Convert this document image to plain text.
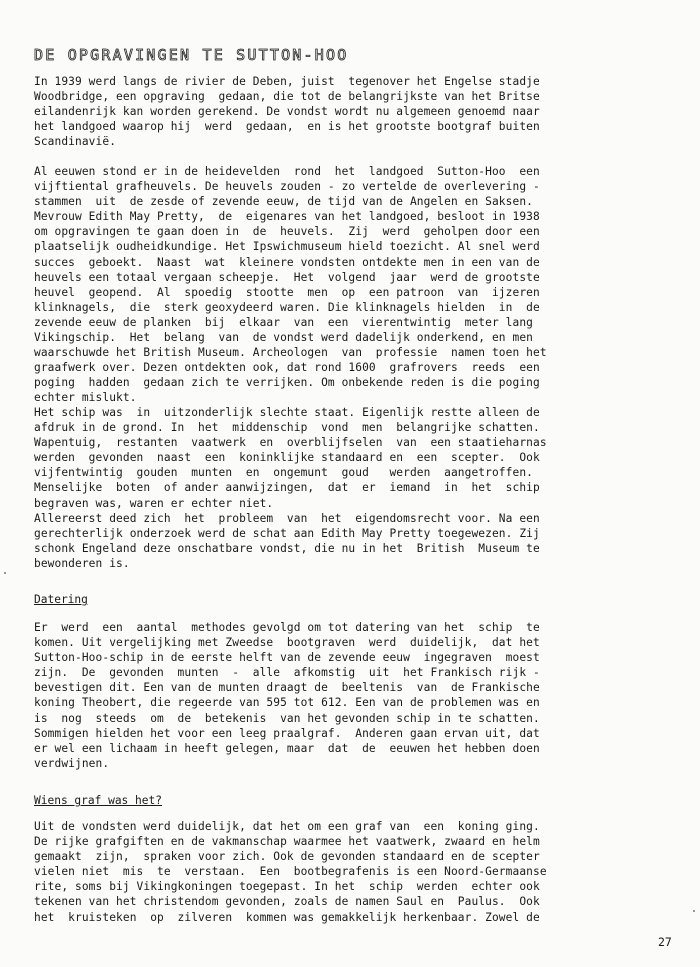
DE OPGRAVINGEN TE SUTTON-HOO
In 1939 werd langs de rivier de Deben, juist  tegenover het Engelse stadje
Woodbridge, een opgraving  gedaan, die tot de belangrijkste van het Britse
eilandenrijk kan worden gerekend. De vondst wordt nu algemeen genoemd naar
het landgoed waarop hij  werd  gedaan,  en is het grootste bootgraf buiten
Scandinavië.
Al eeuwen stond er in de heidevelden  rond  het  landgoed  Sutton-Hoo  een
vijftiental grafheuvels. De heuvels zouden - zo vertelde de overlevering -
stammen  uit  de zesde of zevende eeuw, de tijd van de Angelen en Saksen.
Mevrouw Edith May Pretty,  de  eigenares van het landgoed, besloot in 1938
om opgravingen te gaan doen in  de  heuvels.  Zij  werd  geholpen door een
plaatselijk oudheidkundige. Het Ipswichmuseum hield toezicht. Al snel werd
succes  geboekt.  Naast  wat  kleinere vondsten ontdekte men in een van de
heuvels een totaal vergaan scheepje.  Het  volgend  jaar  werd de grootste
heuvel  geopend.  Al  spoedig  stootte  men  op  een patroon  van  ijzeren
klinknagels,  die  sterk geoxydeerd waren. Die klinknagels hielden  in  de
zevende eeuw de planken  bij  elkaar  van  een  vierentwintig  meter lang
Vikingschip.  Het  belang  van  de vondst werd dadelijk onderkend, en men
waarschuwde het British Museum. Archeologen  van  professie  namen toen het
graafwerk over. Dezen ontdekten ook, dat rond 1600  grafrovers  reeds  een
poging  hadden  gedaan zich te verrijken. Om onbekende reden is die poging
echter mislukt.
Het schip was  in  uitzonderlijk slechte staat. Eigenlijk restte alleen de
afdruk in de grond. In  het  middenschip  vond  men  belangrijke schatten.
Wapentuig,  restanten  vaatwerk  en  overblijfselen  van  een staatieharnas
werden  gevonden  naast  een  koninklijke standaard en  een  scepter.  Ook
vijfentwintig  gouden  munten  en  ongemunt  goud   werden  aangetroffen.
Menselijke  boten  of ander aanwijzingen,  dat  er  iemand  in  het  schip
begraven was, waren er echter niet.
Allereerst deed zich  het  probleem  van  het  eigendomsrecht voor. Na een
gerechterlijk onderzoek werd de schat aan Edith May Pretty toegewezen. Zij
schonk Engeland deze onschatbare vondst, die nu in het  British  Museum te
bewonderen is.
Datering
Er  werd  een  aantal  methodes gevolgd om tot datering van het  schip  te
komen. Uit vergelijking met Zweedse  bootgraven  werd  duidelijk,  dat het
Sutton-Hoo-schip in de eerste helft van de zevende eeuw  ingegraven  moest
zijn.  De  gevonden  munten  -  alle  afkomstig  uit  het Frankisch rijk -
bevestigen dit. Een van de munten draagt de  beeltenis  van  de Frankische
koning Theobert, die regeerde van 595 tot 612. Een van de problemen was en
is  nog  steeds  om  de  betekenis  van het gevonden schip in te schatten.
Sommigen hielden het voor een leeg praalgraf.  Anderen gaan ervan uit, dat
er wel een lichaam in heeft gelegen, maar  dat  de  eeuwen het hebben doen
verdwijnen.
Wiens graf was het?
Uit de vondsten werd duidelijk, dat het om een graf van  een  koning ging.
De rijke grafgiften en de vakmanschap waarmee het vaatwerk, zwaard en helm
gemaakt  zijn,  spraken voor zich. Ook de gevonden standaard en de scepter
vielen niet  mis  te  verstaan.  Een  bootbegrafenis is een Noord-Germaanse
rite, soms bij Vikingkoningen toegepast. In het  schip  werden  echter ook
tekenen van het christendom gevonden, zoals de namen Saul en  Paulus.  Ook
het  kruisteken  op  zilveren  kommen was gemakkelijk herkenbaar. Zowel de

27
